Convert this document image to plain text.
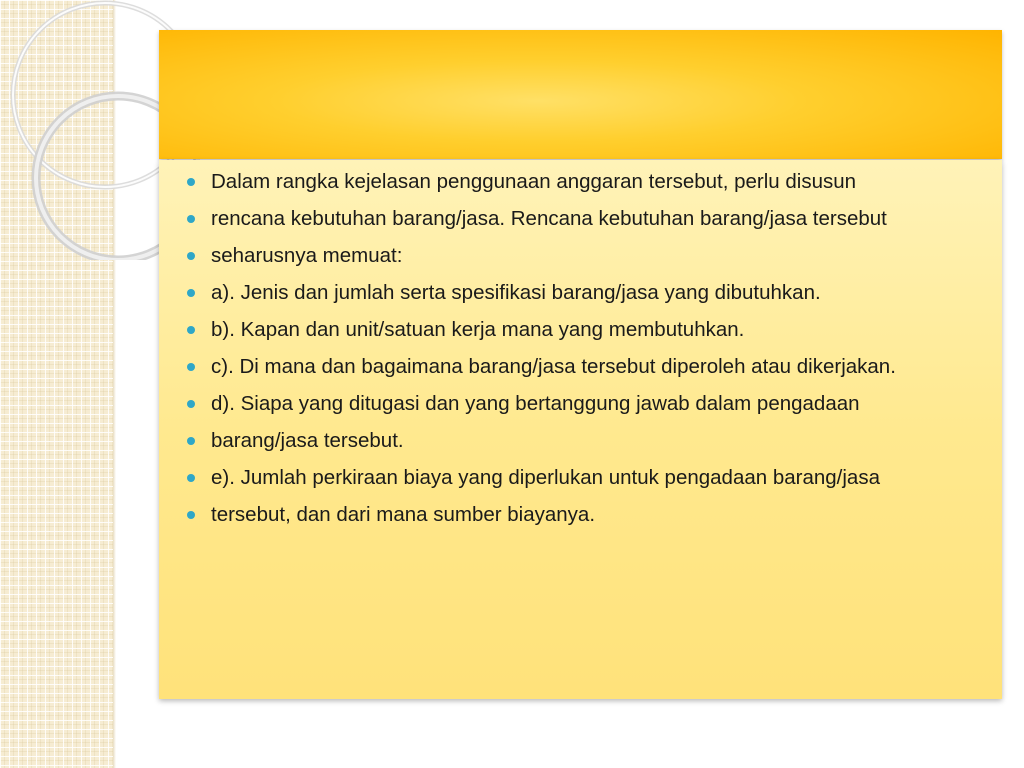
Dalam rangka kejelasan penggunaan anggaran tersebut, perlu disusun
rencana kebutuhan barang/jasa. Rencana kebutuhan barang/jasa tersebut
seharusnya memuat:
a). Jenis dan jumlah serta spesifikasi barang/jasa yang dibutuhkan.
b). Kapan dan unit/satuan kerja mana yang membutuhkan.
c). Di mana dan bagaimana barang/jasa tersebut diperoleh atau dikerjakan.
d). Siapa yang ditugasi dan yang bertanggung jawab dalam pengadaan
barang/jasa tersebut.
e). Jumlah perkiraan biaya yang diperlukan untuk pengadaan barang/jasa
tersebut, dan dari mana sumber biayanya.
